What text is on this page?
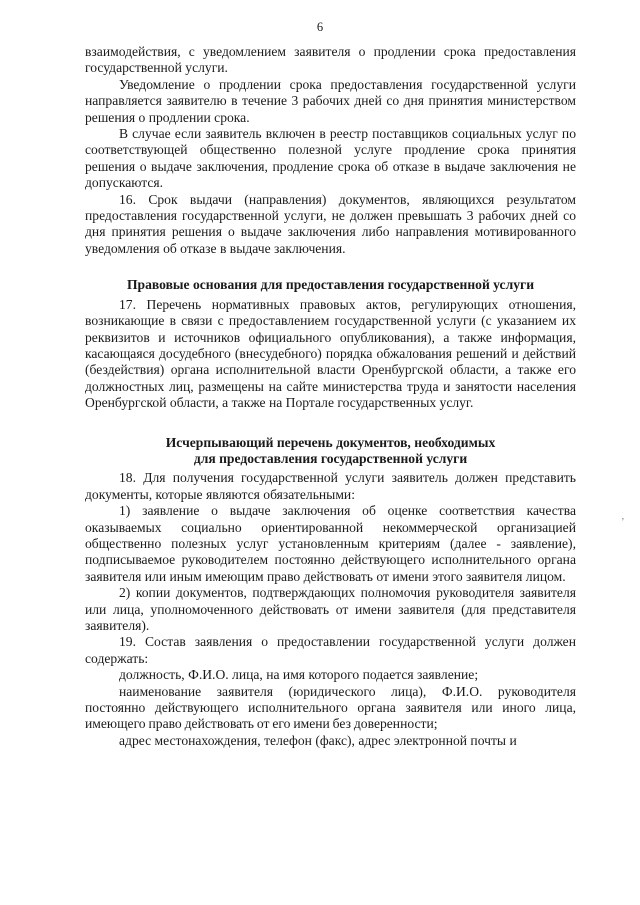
6

взаимодействия, с уведомлением заявителя о продлении срока предоставления государственной услуги.

Уведомление о продлении срока предоставления государственной услуги направляется заявителю в течение 3 рабочих дней со дня принятия министерством решения о продлении срока.

В случае если заявитель включен в реестр поставщиков социальных услуг по соответствующей общественно полезной услуге продление срока принятия решения о выдаче заключения, продление срока об отказе в выдаче заключения не допускаются.

16. Срок выдачи (направления) документов, являющихся результатом предоставления государственной услуги, не должен превышать 3 рабочих дней со дня принятия решения о выдаче заключения либо направления мотивированного уведомления об отказе в выдаче заключения.

Правовые основания для предоставления государственной услуги

17. Перечень нормативных правовых актов, регулирующих отношения, возникающие в связи с предоставлением государственной услуги (с указанием их реквизитов и источников официального опубликования), а также информация, касающаяся досудебного (внесудебного) порядка обжалования решений и действий (бездействия) органа исполнительной власти Оренбургской области, а также его должностных лиц, размещены на сайте министерства труда и занятости населения Оренбургской области, а также на Портале государственных услуг.

Исчерпывающий перечень документов, необходимых
для предоставления государственной услуги

18. Для получения государственной услуги заявитель должен представить документы, которые являются обязательными:

1) заявление о выдаче заключения об оценке соответствия качества оказываемых социально ориентированной некоммерческой организацией общественно полезных услуг установленным критериям (далее - заявление), подписываемое руководителем постоянно действующего исполнительного органа заявителя или иным имеющим право действовать от имени этого заявителя лицом.

2) копии документов, подтверждающих полномочия руководителя заявителя или лица, уполномоченного действовать от имени заявителя (для представителя заявителя).

19. Состав заявления о предоставлении государственной услуги должен содержать:

должность, Ф.И.О. лица, на имя которого подается заявление;

наименование заявителя (юридического лица), Ф.И.О. руководителя постоянно действующего исполнительного органа заявителя или иного лица, имеющего право действовать от его имени без доверенности;

адрес местонахождения, телефон (факс), адрес электронной почты и

,
